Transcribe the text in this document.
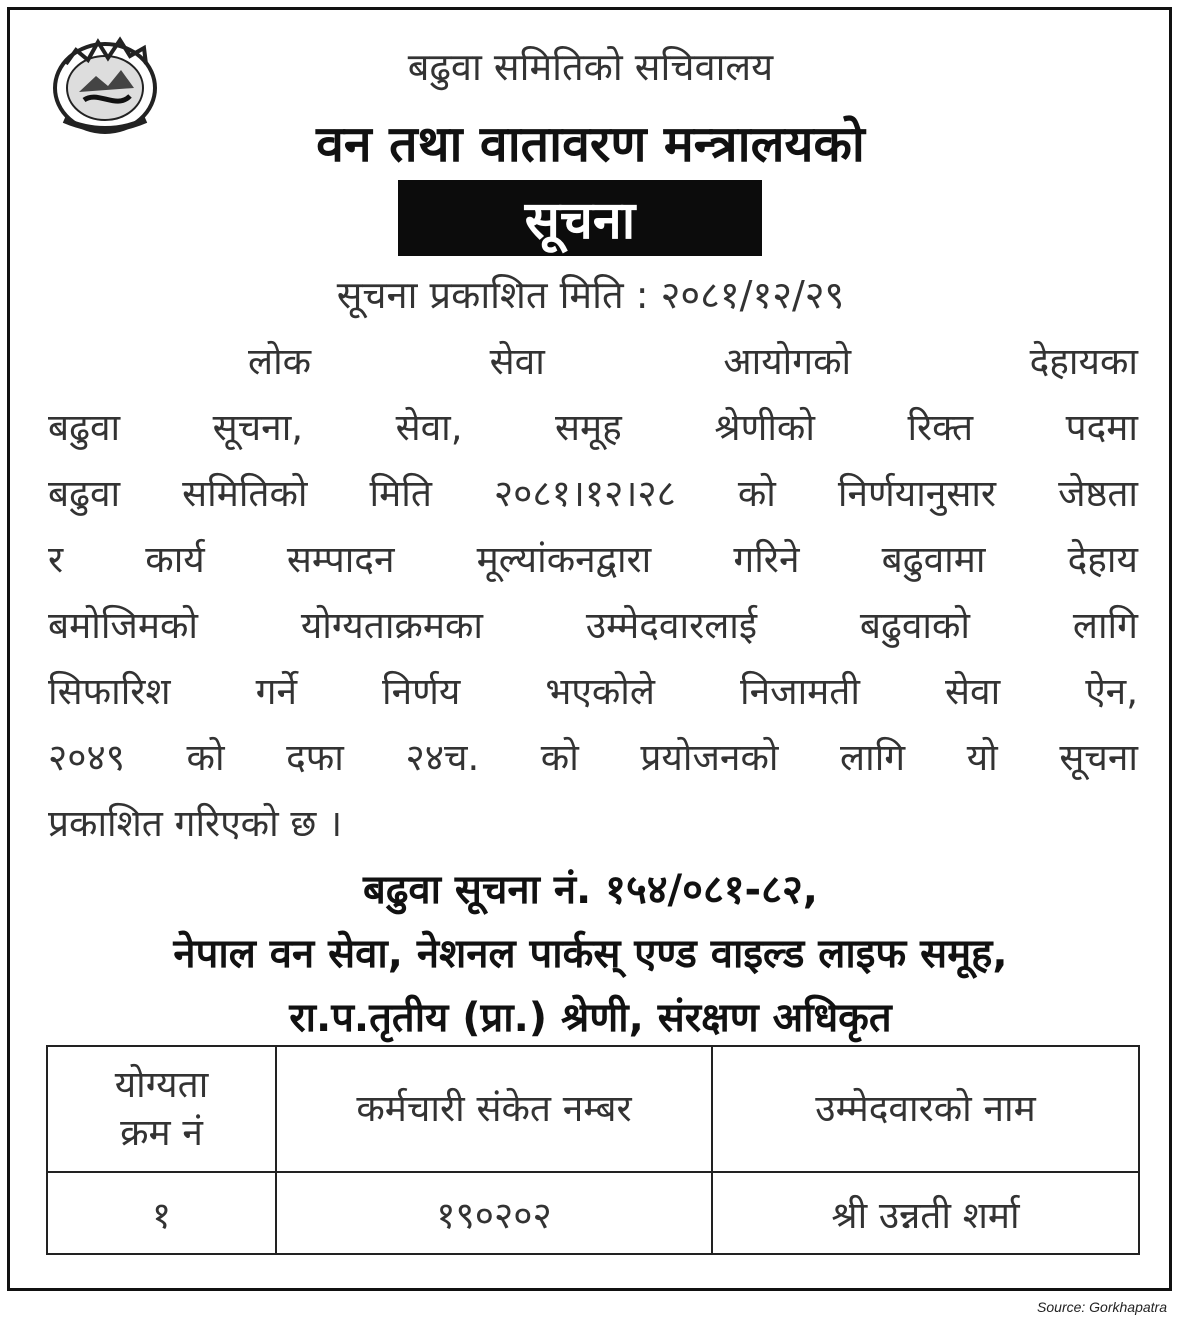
बढुवा समितिको सचिवालय
वन तथा वातावरण मन्त्रालयको
सूचना
सूचना प्रकाशित मिति : २०८१/१२/२९
लोक	सेवा	आयोगको	देहायका
बढुवा	सूचना,	सेवा,	समूह	श्रेणीको	रिक्त	पदमा
बढुवा समितिको मिति २०८१।१२।२८ को निर्णयानुसार जेष्ठता
र कार्य सम्पादन मूल्यांकनद्वारा गरिने बढुवामा देहाय
बमोजिमको	योग्यताक्रमका	उम्मेदवारलाई	बढुवाको	लागि
सिफारिश गर्ने निर्णय भएकोले निजामती सेवा ऐन,
२०४९ को दफा २४च. को प्रयोजनको लागि यो सूचना
प्रकाशित गरिएको छ ।
बढुवा सूचना नं. १५४/०८१-८२,
नेपाल वन सेवा, नेशनल पार्कस् एण्ड वाइल्ड लाइफ समूह,
रा.प.तृतीय (प्रा.) श्रेणी, संरक्षण अधिकृत
योग्यता
क्रम नं	कर्मचारी संकेत नम्बर	उम्मेदवारको नाम
१	१९०२०२	श्री उन्नती शर्मा
Source: Gorkhapatra
